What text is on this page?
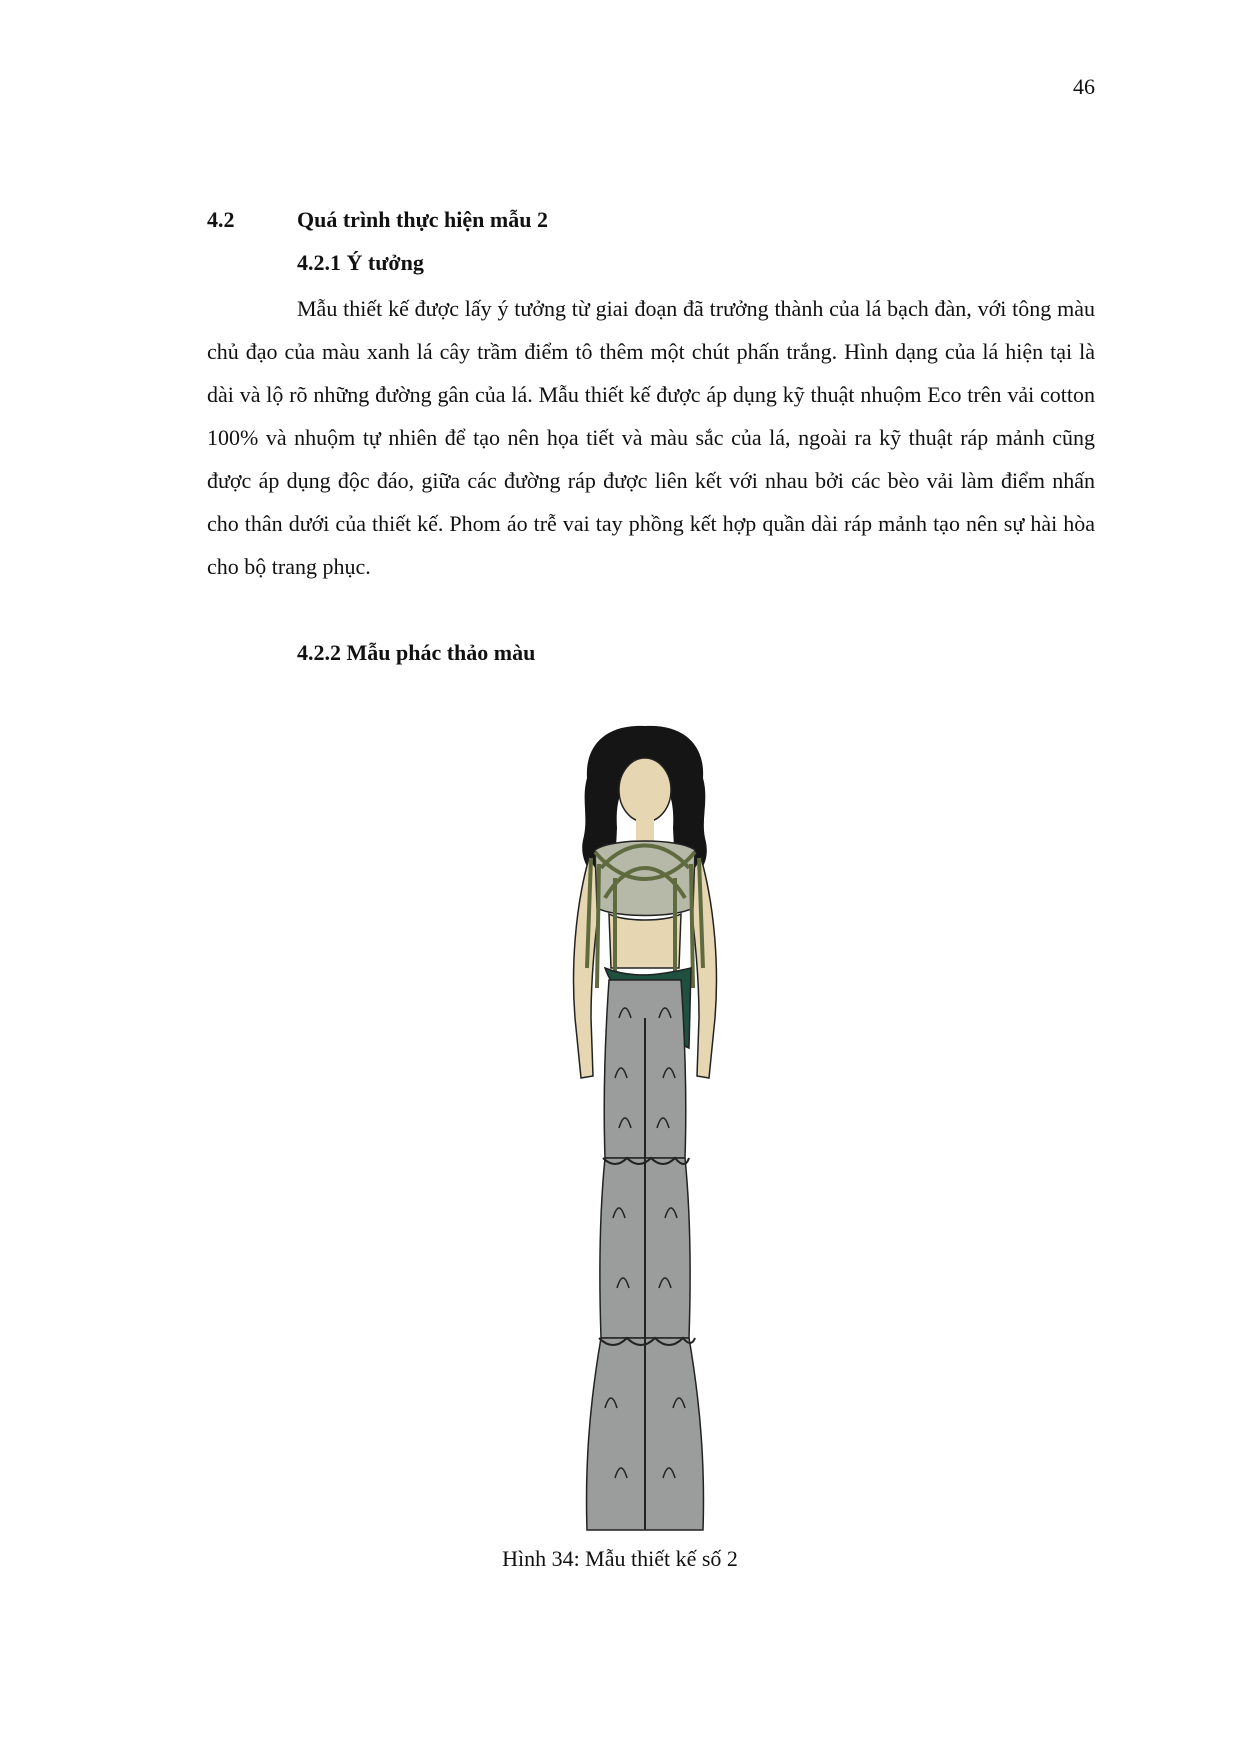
46
4.2	Quá trình thực hiện mẫu 2
4.2.1 Ý tưởng

Mẫu thiết kế được lấy ý tưởng từ giai đoạn đã trưởng thành của lá bạch đàn, với tông màu chủ đạo của màu xanh lá cây trầm điểm tô thêm một chút phấn trắng. Hình dạng của lá hiện tại là dài và lộ rõ những đường gân của lá. Mẫu thiết kế được áp dụng kỹ thuật nhuộm Eco trên vải cotton 100% và nhuộm tự nhiên để tạo nên họa tiết và màu sắc của lá, ngoài ra kỹ thuật ráp mảnh cũng được áp dụng độc đáo, giữa các đường ráp được liên kết với nhau bởi các bèo vải làm điểm nhấn cho thân dưới của thiết kế. Phom áo trễ vai tay phồng kết hợp quần dài ráp mảnh tạo nên sự hài hòa cho bộ trang phục.

4.2.2 Mẫu phác thảo màu
Hình 34: Mẫu thiết kế số 2
